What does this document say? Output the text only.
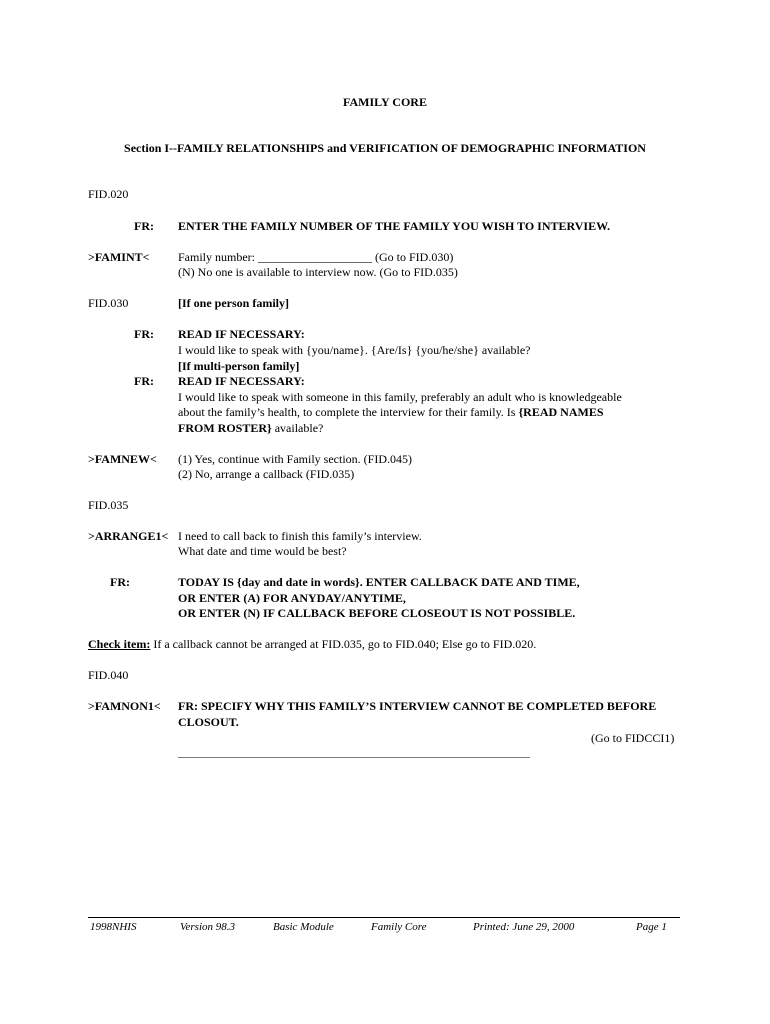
FAMILY CORE
Section I--FAMILY RELATIONSHIPS and VERIFICATION OF DEMOGRAPHIC INFORMATION
FID.020
FR: ENTER THE FAMILY NUMBER OF THE FAMILY YOU WISH TO INTERVIEW.
>FAMINT< Family number: ___________________ (Go to FID.030)
(N) No one is available to interview now. (Go to FID.035)
FID.030	[If one person family]
FR: READ IF NECESSARY:
I would like to speak with {you/name}. {Are/Is} {you/he/she} available?
[If multi-person family]
FR: READ IF NECESSARY:
I would like to speak with someone in this family, preferably an adult who is knowledgeable
about the family’s health, to complete the interview for their family. Is {READ NAMES
FROM ROSTER} available?
>FAMNEW< (1) Yes, continue with Family section. (FID.045)
(2) No, arrange a callback (FID.035)
FID.035
>ARRANGE1< I need to call back to finish this family’s interview.
What date and time would be best?
FR:	TODAY IS {day and date in words}. ENTER CALLBACK DATE AND TIME,
OR ENTER (A) FOR ANYDAY/ANYTIME,
OR ENTER (N) IF CALLBACK BEFORE CLOSEOUT IS NOT POSSIBLE.
Check item: If a callback cannot be arranged at FID.035, go to FID.040; Else go to FID.020.
FID.040
>FAMNON1< FR: SPECIFY WHY THIS FAMILY’S INTERVIEW CANNOT BE COMPLETED BEFORE
CLOSOUT.
(Go to FIDCCI1)
________________________________________________________________
1998NHIS	Version 98.3	Basic Module	Family Core	Printed: June 29, 2000	Page 1
